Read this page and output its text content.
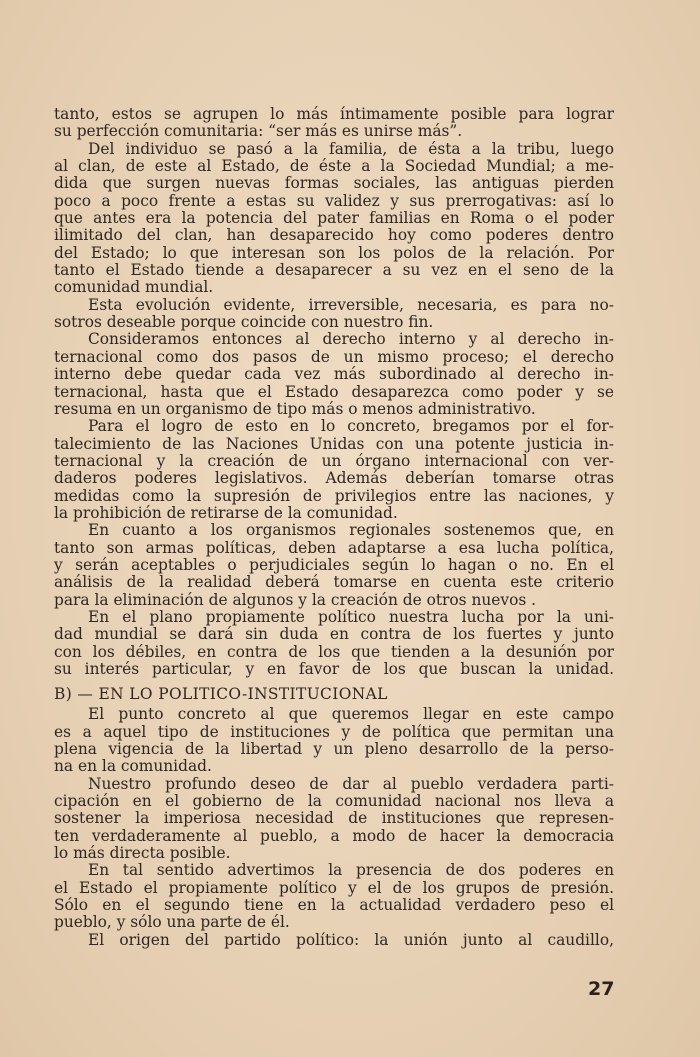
tanto, estos se agrupen lo más íntimamente posible para lograr
su perfección comunitaria: “ser más es unirse más”.
Del individuo se pasó a la familia, de ésta a la tribu, luego
al clan, de este al Estado, de éste a la Sociedad Mundial; a me-
dida que surgen nuevas formas sociales, las antiguas pierden
poco a poco frente a estas su validez y sus prerrogativas: así lo
que antes era la potencia del pater familias en Roma o el poder
ilimitado del clan, han desaparecido hoy como poderes dentro
del Estado; lo que interesan son los polos de la relación. Por
tanto el Estado tiende a desaparecer a su vez en el seno de la
comunidad mundial.
Esta evolución evidente, irreversible, necesaria, es para no-
sotros deseable porque coincide con nuestro fin.
Consideramos entonces al derecho interno y al derecho in-
ternacional como dos pasos de un mismo proceso; el derecho
interno debe quedar cada vez más subordinado al derecho in-
ternacional, hasta que el Estado desaparezca como poder y se
resuma en un organismo de tipo más o menos administrativo.
Para el logro de esto en lo concreto, bregamos por el for-
talecimiento de las Naciones Unidas con una potente justicia in-
ternacional y la creación de un órgano internacional con ver-
daderos poderes legislativos. Además deberían tomarse otras
medidas como la supresión de privilegios entre las naciones, y
la prohibición de retirarse de la comunidad.
En cuanto a los organismos regionales sostenemos que, en
tanto son armas políticas, deben adaptarse a esa lucha política,
y serán aceptables o perjudiciales según lo hagan o no. En el
análisis de la realidad deberá tomarse en cuenta este criterio
para la eliminación de algunos y la creación de otros nuevos .
En el plano propiamente político nuestra lucha por la uni-
dad mundial se dará sin duda en contra de los fuertes y junto
con los débiles, en contra de los que tienden a la desunión por
su interés particular, y en favor de los que buscan la unidad.
B) — EN LO POLITICO-INSTITUCIONAL
El punto concreto al que queremos llegar en este campo
es a aquel tipo de instituciones y de política que permitan una
plena vigencia de la libertad y un pleno desarrollo de la perso-
na en la comunidad.
Nuestro profundo deseo de dar al pueblo verdadera parti-
cipación en el gobierno de la comunidad nacional nos lleva a
sostener la imperiosa necesidad de instituciones que represen-
ten verdaderamente al pueblo, a modo de hacer la democracia
lo más directa posible.
En tal sentido advertimos la presencia de dos poderes en
el Estado el propiamente político y el de los grupos de presión.
Sólo en el segundo tiene en la actualidad verdadero peso el
pueblo, y sólo una parte de él.
El origen del partido político: la unión junto al caudillo,
27
